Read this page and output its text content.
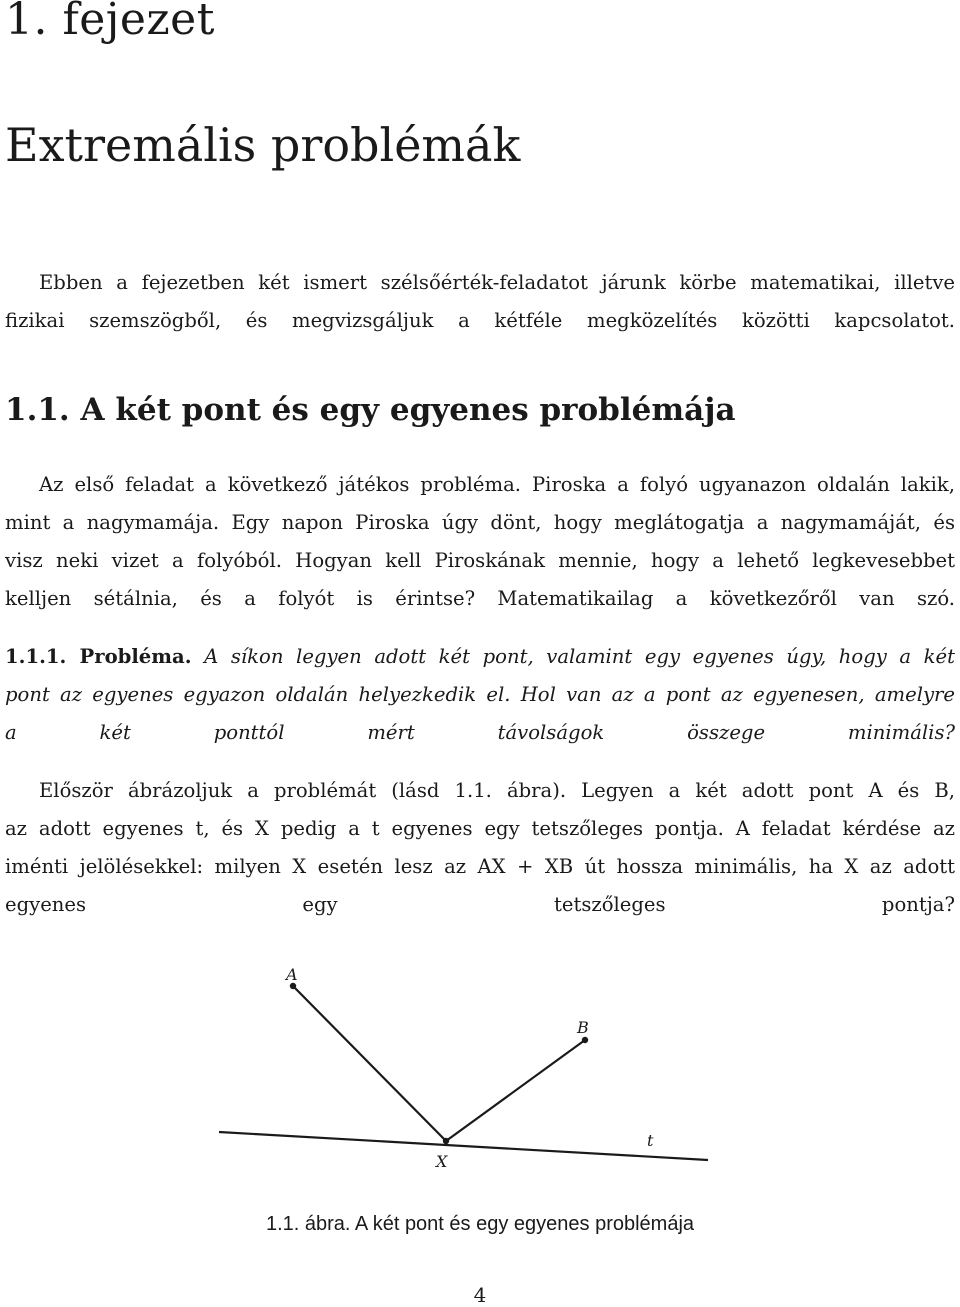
1. fejezet
Extremális problémák
Ebben a fejezetben két ismert szélsőérték-feladatot járunk körbe matematikai, illetve
fizikai szemszögből, és megvizsgáljuk a kétféle megközelítés közötti kapcsolatot.
1.1. A két pont és egy egyenes problémája
Az első feladat a következő játékos probléma. Piroska a folyó ugyanazon oldalán lakik,
mint a nagymamája. Egy napon Piroska úgy dönt, hogy meglátogatja a nagymamáját, és
visz neki vizet a folyóból. Hogyan kell Piroskának mennie, hogy a lehető legkevesebbet
kelljen sétálnia, és a folyót is érintse? Matematikailag a következőről van szó.
1.1.1. Probléma. A síkon legyen adott két pont, valamint egy egyenes úgy, hogy a két
pont az egyenes egyazon oldalán helyezkedik el. Hol van az a pont az egyenesen, amelyre
a két ponttól mért távolságok összege minimális?
Először ábrázoljuk a problémát (lásd 1.1. ábra). Legyen a két adott pont A és B,
az adott egyenes t, és X pedig a t egyenes egy tetszőleges pontja. A feladat kérdése az
iménti jelölésekkel: milyen X esetén lesz az AX + XB út hossza minimális, ha X az adott
egyenes egy tetszőleges pontja?
A
B
X
t
1.1. ábra. A két pont és egy egyenes problémája
4
